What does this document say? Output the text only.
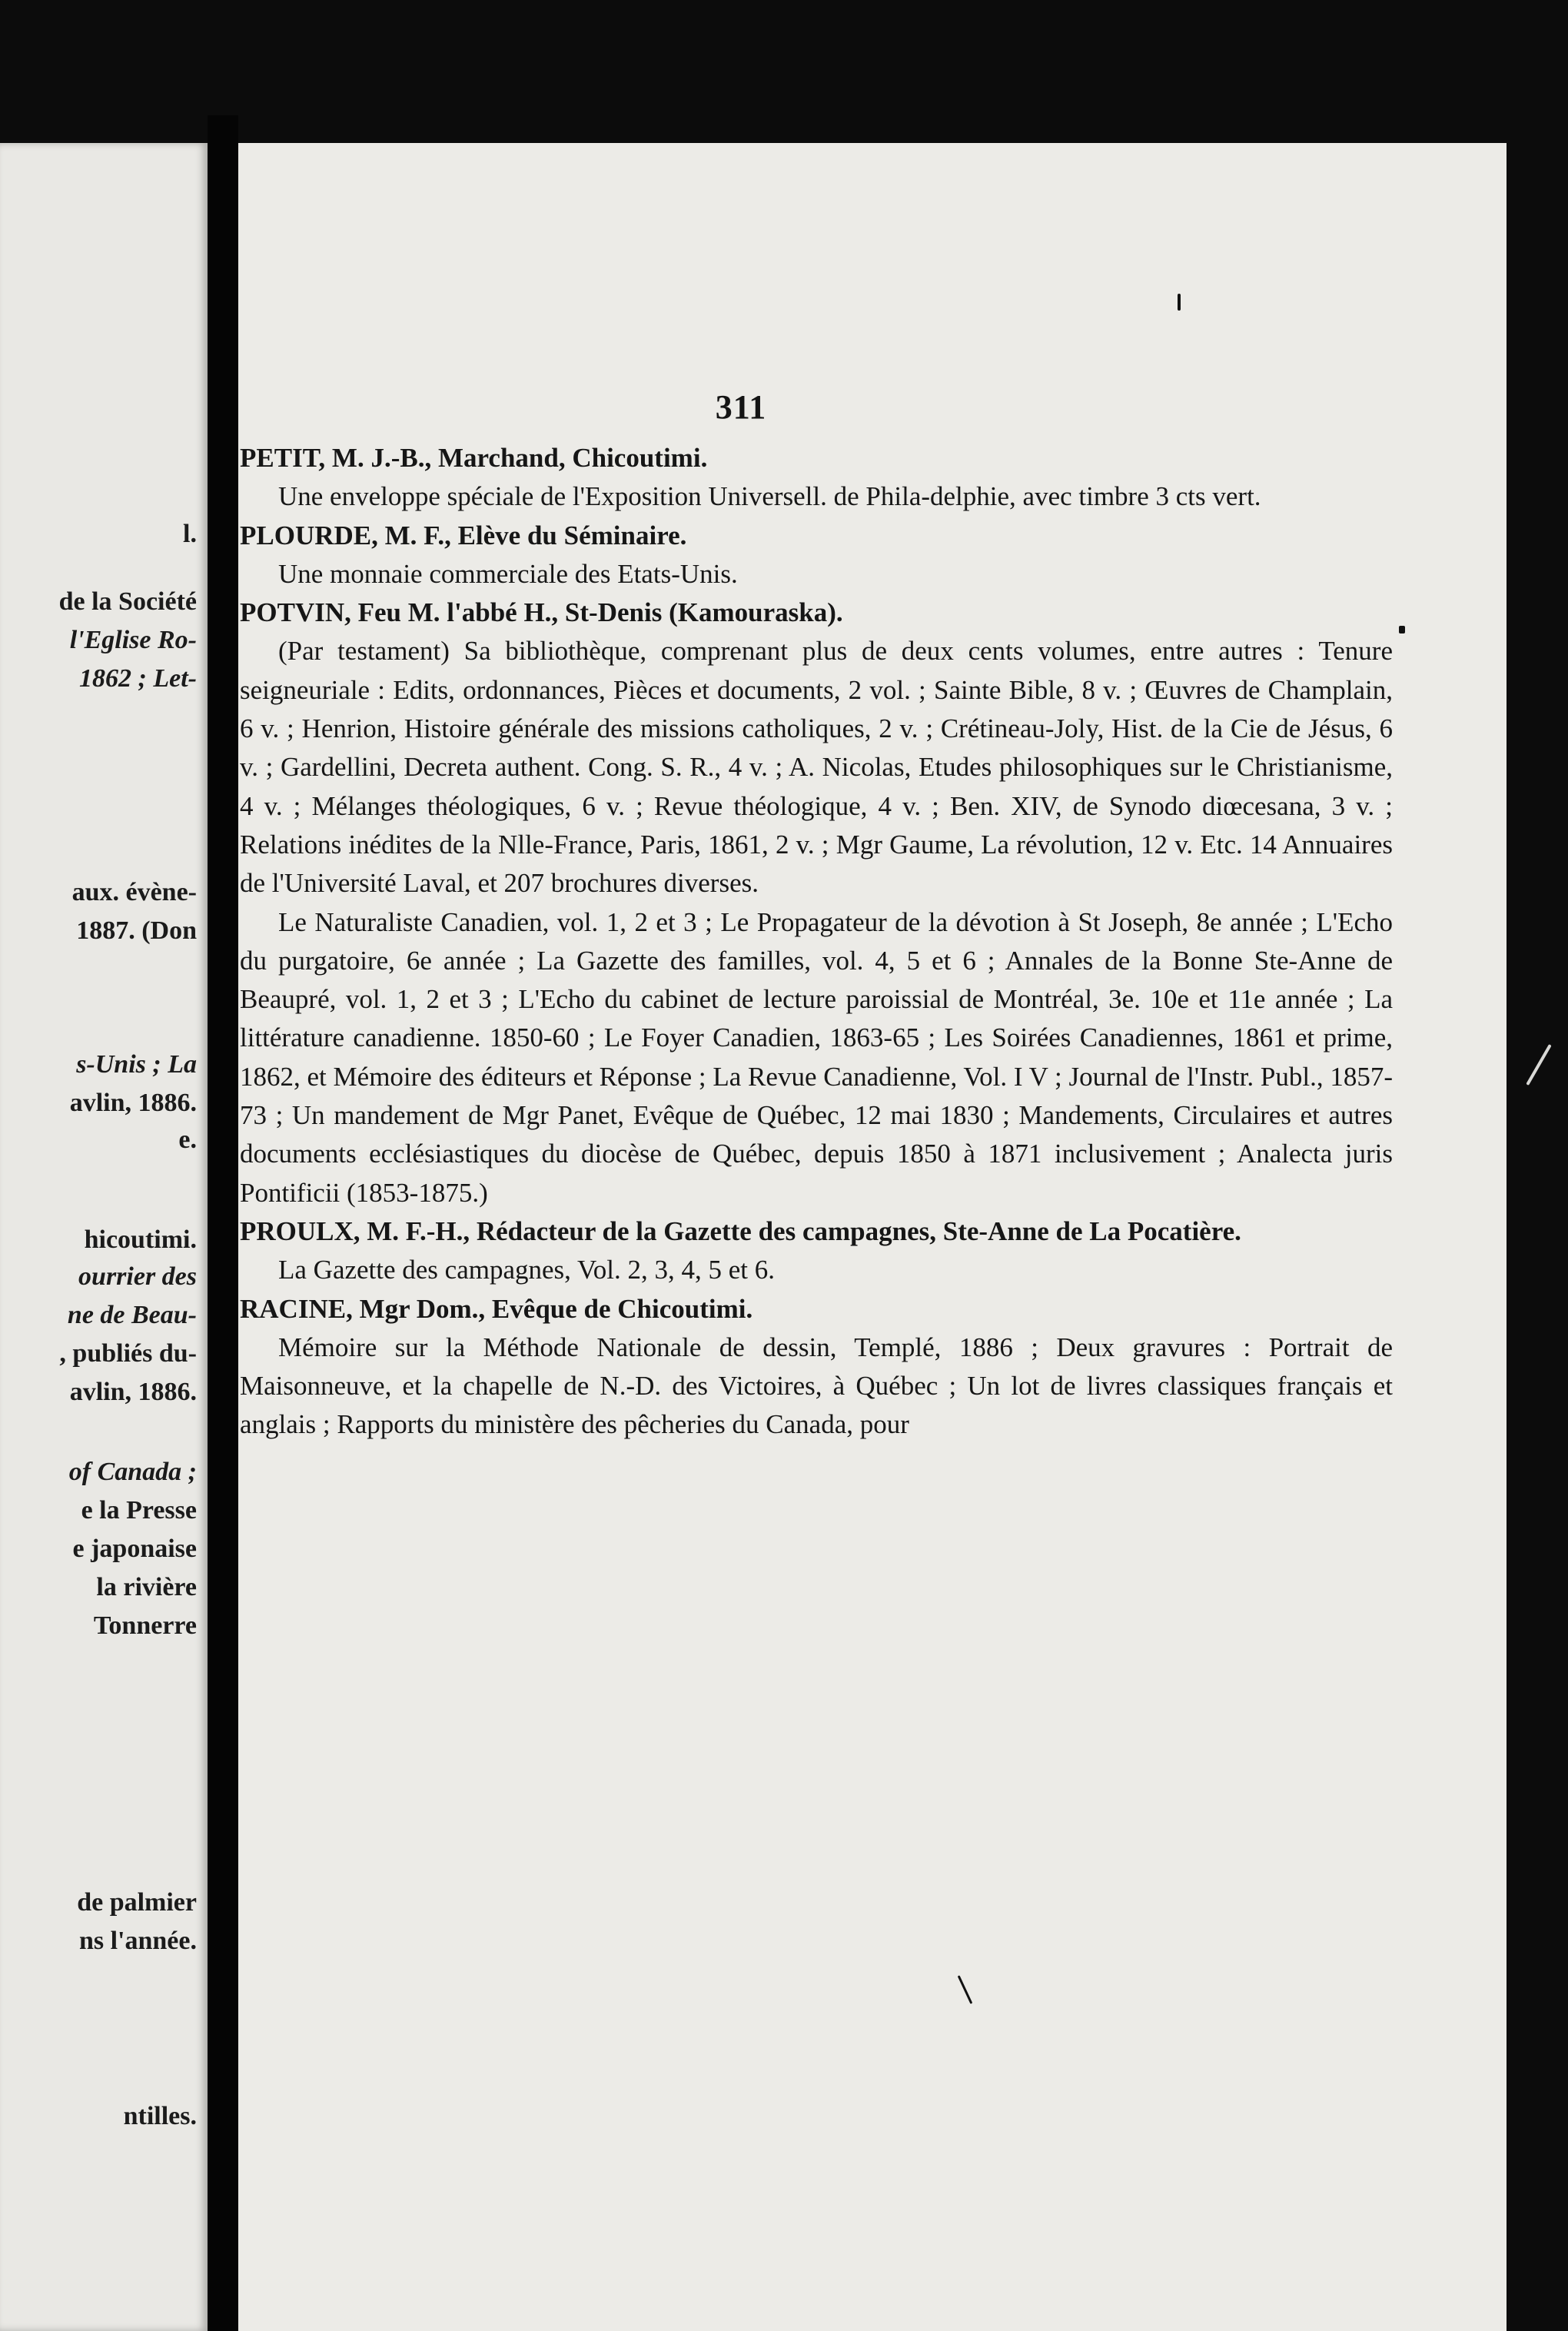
l.
de la Société
l'Eglise Ro-
1862 ; Let-
aux. évène-
1887. (Don
s-Unis ; La
avlin, 1886.
e.
hicoutimi.
ourrier des
ne de Beau-
, publiés du-
avlin, 1886.
of Canada ;
e la Presse
e japonaise
la rivière
Tonnerre
de palmier
ns l'année.
ntilles.
311

PETIT, M. J.-B., Marchand, Chicoutimi.

Une enveloppe spéciale de l'Exposition Universell. de Phila-delphie, avec timbre 3 cts vert.

PLOURDE, M. F., Elève du Séminaire.

Une monnaie commerciale des Etats-Unis.

POTVIN, Feu M. l'abbé H., St-Denis (Kamouraska).

(Par testament) Sa bibliothèque, comprenant plus de deux cents volumes, entre autres : Tenure seigneuriale : Edits, ordonnances, Pièces et documents, 2 vol. ; Sainte Bible, 8 v. ; Œuvres de Champlain, 6 v. ; Henrion, Histoire générale des missions catholiques, 2 v. ; Crétineau-Joly, Hist. de la Cie de Jésus, 6 v. ; Gardellini, Decreta authent. Cong. S. R., 4 v. ; A. Nicolas, Etudes philosophiques sur le Christianisme, 4 v. ; Mélanges théologiques, 6 v. ; Revue théologique, 4 v. ; Ben. XIV, de Synodo diœcesana, 3 v. ; Relations inédites de la Nlle-France, Paris, 1861, 2 v. ; Mgr Gaume, La révolution, 12 v. Etc. 14 Annuaires de l'Université Laval, et 207 brochures diverses.

Le Naturaliste Canadien, vol. 1, 2 et 3 ; Le Propagateur de la dévotion à St Joseph, 8e année ; L'Echo du purgatoire, 6e année ; La Gazette des familles, vol. 4, 5 et 6 ; Annales de la Bonne Ste-Anne de Beaupré, vol. 1, 2 et 3 ; L'Echo du cabinet de lecture paroissial de Montréal, 3e. 10e et 11e année ; La littérature canadienne. 1850-60 ; Le Foyer Canadien, 1863-65 ; Les Soirées Canadiennes, 1861 et prime, 1862, et Mémoire des éditeurs et Réponse ; La Revue Canadienne, Vol. I V ; Journal de l'Instr. Publ., 1857-73 ; Un mandement de Mgr Panet, Evêque de Québec, 12 mai 1830 ; Mandements, Circulaires et autres documents ecclésiastiques du diocèse de Québec, depuis 1850 à 1871 inclusivement ; Analecta juris Pontificii (1853-1875.)

PROULX, M. F.-H., Rédacteur de la Gazette des campagnes, Ste-Anne de La Pocatière.

La Gazette des campagnes, Vol. 2, 3, 4, 5 et 6.

RACINE, Mgr Dom., Evêque de Chicoutimi.

Mémoire sur la Méthode Nationale de dessin, Templé, 1886 ; Deux gravures : Portrait de Maisonneuve, et la chapelle de N.-D. des Victoires, à Québec ; Un lot de livres classiques français et anglais ; Rapports du ministère des pêcheries du Canada, pour
